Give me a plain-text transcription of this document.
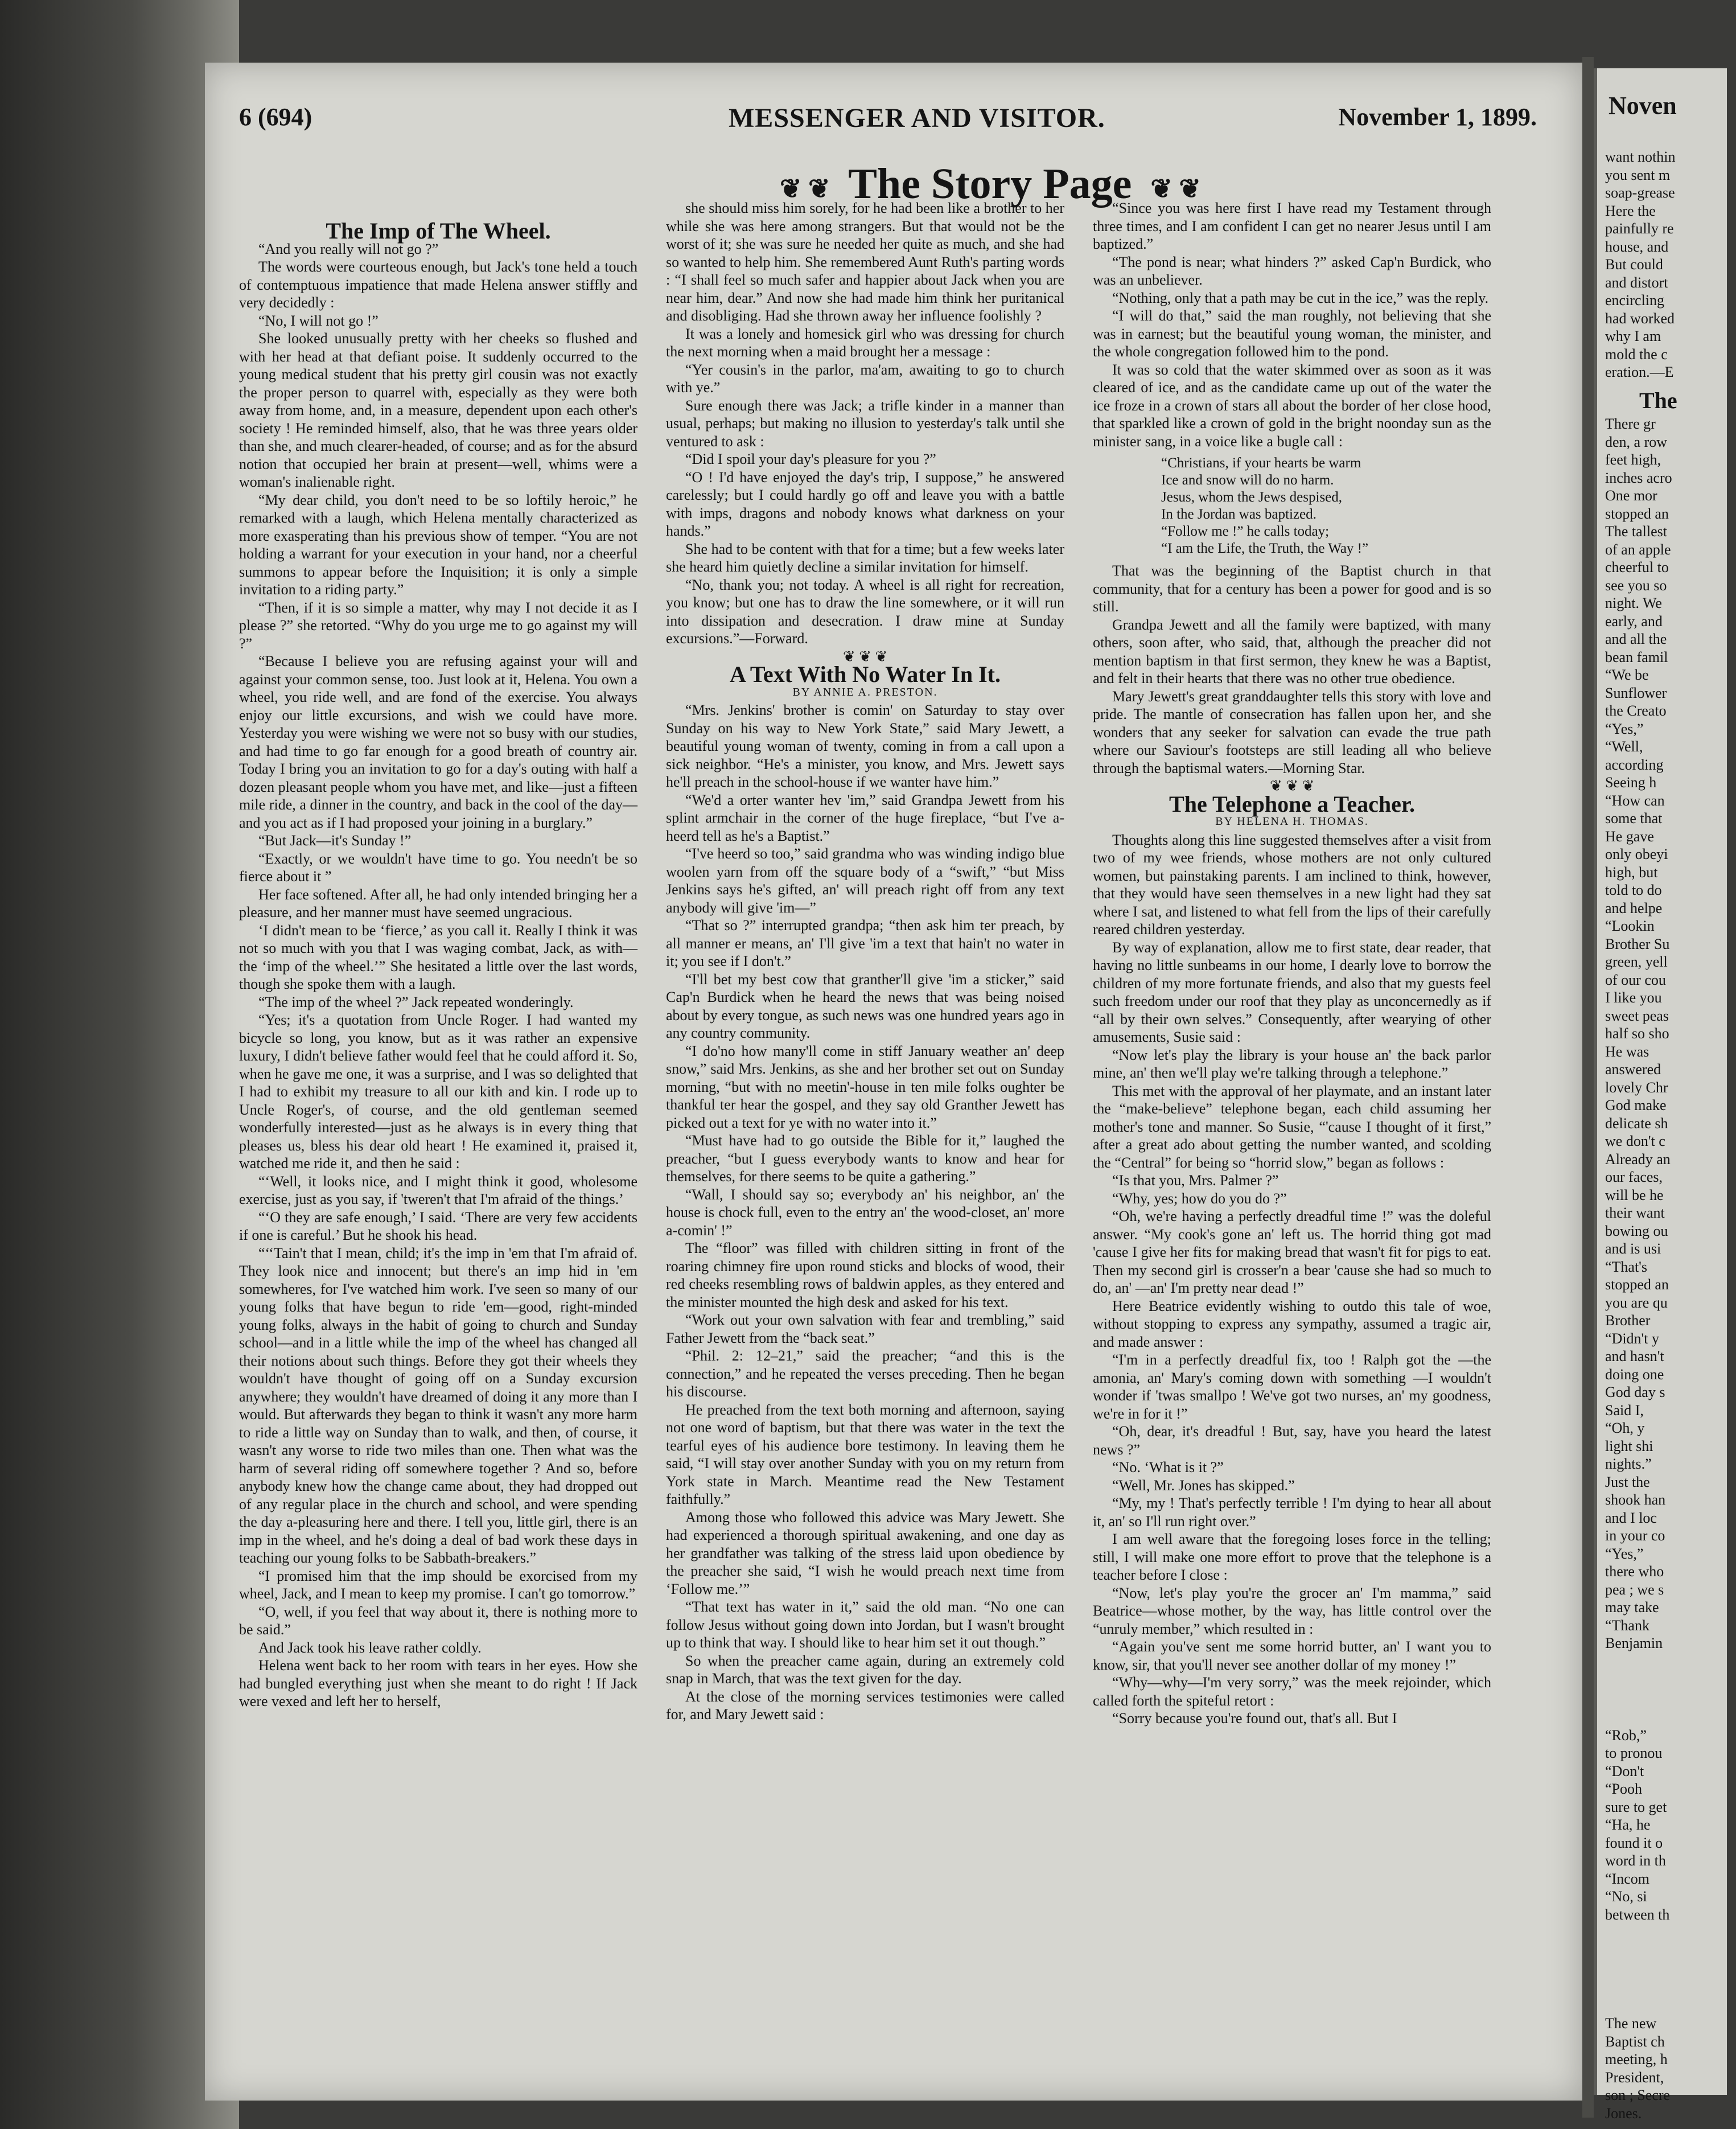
6 (694)	MESSENGER AND VISITOR.	November 1, 1899.
❦ ❦ The Story Page ❦ ❦

The Imp of The Wheel.

“And you really will not go ?”

The words were courteous enough, but Jack's tone held a touch of contemptuous impatience that made Helena answer stiffly and very decidedly :

“No, I will not go !”

She looked unusually pretty with her cheeks so flushed and with her head at that defiant poise. It suddenly occurred to the young medical student that his pretty girl cousin was not exactly the proper person to quarrel with, especially as they were both away from home, and, in a measure, dependent upon each other's society ! He reminded himself, also, that he was three years older than she, and much clearer-headed, of course; and as for the absurd notion that occupied her brain at present—well, whims were a woman's inalienable right.

“My dear child, you don't need to be so loftily heroic,” he remarked with a laugh, which Helena mentally characterized as more exasperating than his previous show of temper. “You are not holding a warrant for your execution in your hand, nor a cheerful summons to appear before the Inquisition; it is only a simple invitation to a riding party.”

“Then, if it is so simple a matter, why may I not decide it as I please ?” she retorted. “Why do you urge me to go against my will ?”

“Because I believe you are refusing against your will and against your common sense, too. Just look at it, Helena. You own a wheel, you ride well, and are fond of the exercise. You always enjoy our little excursions, and wish we could have more. Yesterday you were wishing we were not so busy with our studies, and had time to go far enough for a good breath of country air. Today I bring you an invitation to go for a day's outing with half a dozen pleasant people whom you have met, and like—just a fifteen mile ride, a dinner in the country, and back in the cool of the day—and you act as if I had proposed your joining in a burglary.”

“But Jack—it's Sunday !”

“Exactly, or we wouldn't have time to go. You needn't be so fierce about it ”

Her face softened. After all, he had only intended bringing her a pleasure, and her manner must have seemed ungracious.

‘I didn't mean to be ‘fierce,’ as you call it. Really I think it was not so much with you that I was waging combat, Jack, as with—the ‘imp of the wheel.’” She hesitated a little over the last words, though she spoke them with a laugh.

“The imp of the wheel ?” Jack repeated wonderingly.

“Yes; it's a quotation from Uncle Roger. I had wanted my bicycle so long, you know, but as it was rather an expensive luxury, I didn't believe father would feel that he could afford it. So, when he gave me one, it was a surprise, and I was so delighted that I had to exhibit my treasure to all our kith and kin. I rode up to Uncle Roger's, of course, and the old gentleman seemed wonderfully interested—just as he always is in every thing that pleases us, bless his dear old heart ! He examined it, praised it, watched me ride it, and then he said :

“‘Well, it looks nice, and I might think it good, wholesome exercise, just as you say, if 'tweren't that I'm afraid of the things.’

“‘O they are safe enough,’ I said. ‘There are very few accidents if one is careful.’ But he shook his head.

“‘‘Tain't that I mean, child; it's the imp in 'em that I'm afraid of. They look nice and innocent; but there's an imp hid in 'em somewheres, for I've watched him work. I've seen so many of our young folks that have begun to ride 'em—good, right-minded young folks, always in the habit of going to church and Sunday school—and in a little while the imp of the wheel has changed all their notions about such things. Before they got their wheels they wouldn't have thought of going off on a Sunday excursion anywhere; they wouldn't have dreamed of doing it any more than I would. But afterwards they began to think it wasn't any more harm to ride a little way on Sunday than to walk, and then, of course, it wasn't any worse to ride two miles than one. Then what was the harm of several riding off somewhere together ? And so, before anybody knew how the change came about, they had dropped out of any regular place in the church and school, and were spending the day a-pleasuring here and there. I tell you, little girl, there is an imp in the wheel, and he's doing a deal of bad work these days in teaching our young folks to be Sabbath-breakers.”

“I promised him that the imp should be exorcised from my wheel, Jack, and I mean to keep my promise. I can't go tomorrow.”

“O, well, if you feel that way about it, there is nothing more to be said.”

And Jack took his leave rather coldly.

Helena went back to her room with tears in her eyes. How she had bungled everything just when she meant to do right ! If Jack were vexed and left her to herself,

she should miss him sorely, for he had been like a brother to her while she was here among strangers. But that would not be the worst of it; she was sure he needed her quite as much, and she had so wanted to help him. She remembered Aunt Ruth's parting words : “I shall feel so much safer and happier about Jack when you are near him, dear.” And now she had made him think her puritanical and disobliging. Had she thrown away her influence foolishly ?

It was a lonely and homesick girl who was dressing for church the next morning when a maid brought her a message :

“Yer cousin's in the parlor, ma'am, awaiting to go to church with ye.”

Sure enough there was Jack; a trifle kinder in a manner than usual, perhaps; but making no illusion to yesterday's talk until she ventured to ask :

“Did I spoil your day's pleasure for you ?”

“O ! I'd have enjoyed the day's trip, I suppose,” he answered carelessly; but I could hardly go off and leave you with a battle with imps, dragons and nobody knows what darkness on your hands.”

She had to be content with that for a time; but a few weeks later she heard him quietly decline a similar invitation for himself.

“No, thank you; not today. A wheel is all right for recreation, you know; but one has to draw the line somewhere, or it will run into dissipation and desecration. I draw mine at Sunday excursions.”—Forward.

❦ ❦ ❦

A Text With No Water In It.

BY ANNIE A. PRESTON.

“Mrs. Jenkins' brother is comin' on Saturday to stay over Sunday on his way to New York State,” said Mary Jewett, a beautiful young woman of twenty, coming in from a call upon a sick neighbor. “He's a minister, you know, and Mrs. Jewett says he'll preach in the school-house if we wanter have him.”

“We'd a orter wanter hev 'im,” said Grandpa Jewett from his splint armchair in the corner of the huge fireplace, “but I've a-heerd tell as he's a Baptist.”

“I've heerd so too,” said grandma who was winding indigo blue woolen yarn from off the square body of a “swift,” “but Miss Jenkins says he's gifted, an' will preach right off from any text anybody will give 'im—”

“That so ?” interrupted grandpa; “then ask him ter preach, by all manner er means, an' I'll give 'im a text that hain't no water in it; you see if I don't.”

“I'll bet my best cow that granther'll give 'im a sticker,” said Cap'n Burdick when he heard the news that was being noised about by every tongue, as such news was one hundred years ago in any country community.

“I do'no how many'll come in stiff January weather an' deep snow,” said Mrs. Jenkins, as she and her brother set out on Sunday morning, “but with no meetin'-house in ten mile folks oughter be thankful ter hear the gospel, and they say old Granther Jewett has picked out a text for ye with no water into it.”

“Must have had to go outside the Bible for it,” laughed the preacher, “but I guess everybody wants to know and hear for themselves, for there seems to be quite a gathering.”

“Wall, I should say so; everybody an' his neighbor, an' the house is chock full, even to the entry an' the wood-closet, an' more a-comin' !”

The “floor” was filled with children sitting in front of the roaring chimney fire upon round sticks and blocks of wood, their red cheeks resembling rows of baldwin apples, as they entered and the minister mounted the high desk and asked for his text.

“Work out your own salvation with fear and trembling,” said Father Jewett from the “back seat.”

“Phil. 2: 12–21,” said the preacher; “and this is the connection,” and he repeated the verses preceding. Then he began his discourse.

He preached from the text both morning and afternoon, saying not one word of baptism, but that there was water in the text the tearful eyes of his audience bore testimony. In leaving them he said, “I will stay over another Sunday with you on my return from York state in March. Meantime read the New Testament faithfully.”

Among those who followed this advice was Mary Jewett. She had experienced a thorough spiritual awakening, and one day as her grandfather was talking of the stress laid upon obedience by the preacher she said, “I wish he would preach next time from ‘Follow me.’”

“That text has water in it,” said the old man. “No one can follow Jesus without going down into Jordan, but I wasn't brought up to think that way. I should like to hear him set it out though.”

So when the preacher came again, during an extremely cold snap in March, that was the text given for the day.

At the close of the morning services testimonies were called for, and Mary Jewett said :

“Since you was here first I have read my Testament through three times, and I am confident I can get no nearer Jesus until I am baptized.”

“The pond is near; what hinders ?” asked Cap'n Burdick, who was an unbeliever.

“Nothing, only that a path may be cut in the ice,” was the reply.

“I will do that,” said the man roughly, not believing that she was in earnest; but the beautiful young woman, the minister, and the whole congregation followed him to the pond.

It was so cold that the water skimmed over as soon as it was cleared of ice, and as the candidate came up out of the water the ice froze in a crown of stars all about the border of her close hood, that sparkled like a crown of gold in the bright noonday sun as the minister sang, in a voice like a bugle call :

“Christians, if your hearts be warm
Ice and snow will do no harm.
Jesus, whom the Jews despised,
In the Jordan was baptized.
“Follow me !” he calls today;
“I am the Life, the Truth, the Way !”

That was the beginning of the Baptist church in that community, that for a century has been a power for good and is so still.

Grandpa Jewett and all the family were baptized, with many others, soon after, who said, that, although the preacher did not mention baptism in that first sermon, they knew he was a Baptist, and felt in their hearts that there was no other true obedience.

Mary Jewett's great granddaughter tells this story with love and pride. The mantle of consecration has fallen upon her, and she wonders that any seeker for salvation can evade the true path where our Saviour's footsteps are still leading all who believe through the baptismal waters.—Morning Star.

❦ ❦ ❦

The Telephone a Teacher.

BY HELENA H. THOMAS.

Thoughts along this line suggested themselves after a visit from two of my wee friends, whose mothers are not only cultured women, but painstaking parents. I am inclined to think, however, that they would have seen themselves in a new light had they sat where I sat, and listened to what fell from the lips of their carefully reared children yesterday.

By way of explanation, allow me to first state, dear reader, that having no little sunbeams in our home, I dearly love to borrow the children of my more fortunate friends, and also that my guests feel such freedom under our roof that they play as unconcernedly as if “all by their own selves.” Consequently, after wearying of other amusements, Susie said :

“Now let's play the library is your house an' the back parlor mine, an' then we'll play we're talking through a telephone.”

This met with the approval of her playmate, and an instant later the “make-believe” telephone began, each child assuming her mother's tone and manner. So Susie, “'cause I thought of it first,” after a great ado about getting the number wanted, and scolding the “Central” for being so “horrid slow,” began as follows :

“Is that you, Mrs. Palmer ?”

“Why, yes; how do you do ?”

“Oh, we're having a perfectly dreadful time !” was the doleful answer. “My cook's gone an' left us. The horrid thing got mad 'cause I give her fits for making bread that wasn't fit for pigs to eat. Then my second girl is crosser'n a bear 'cause she had so much to do, an' —an' I'm pretty near dead !”

Here Beatrice evidently wishing to outdo this tale of woe, without stopping to express any sympathy, assumed a tragic air, and made answer :

“I'm in a perfectly dreadful fix, too ! Ralph got the —the amonia, an' Mary's coming down with something —I wouldn't wonder if 'twas smallpo ! We've got two nurses, an' my goodness, we're in for it !”

“Oh, dear, it's dreadful ! But, say, have you heard the latest news ?”

“No. ‘What is it ?”

“Well, Mr. Jones has skipped.”

“My, my ! That's perfectly terrible ! I'm dying to hear all about it, an' so I'll run right over.”

I am well aware that the foregoing loses force in the telling; still, I will make one more effort to prove that the telephone is a teacher before I close :

“Now, let's play you're the grocer an' I'm mamma,” said Beatrice—whose mother, by the way, has little control over the “unruly member,” which resulted in :

“Again you've sent me some horrid butter, an' I want you to know, sir, that you'll never see another dollar of my money !”

“Why—why—I'm very sorry,” was the meek rejoinder, which called forth the spiteful retort :

“Sorry because you're found out, that's all. But I

Noven
want nothin
you sent m
soap-grease
Here the
painfully re
house, and
But could
and distort
encircling
had worked
why I am
mold the c
eration.—E
The
There gr
den, a row
feet high,
inches acro
One mor
stopped an
The tallest
of an apple
cheerful to
see you so
night. We
early, and
and all the
bean famil
“We be
Sunflower
the Creato
“Yes,”
“Well,
according
Seeing h
“How can
some that
He gave
only obeyi
high, but
told to do
and helpe
“Lookin
Brother Su
green, yell
of our cou
I like you
sweet peas
half so sho
He was
answered
lovely Chr
God make
delicate sh
we don't c
Already an
our faces,
will be he
their want
bowing ou
and is usi
“That's
stopped an
you are qu
Brother
“Didn't y
and hasn't
doing one
God day s
Said I,
“Oh, y
light shi
nights.”
Just the
shook han
and I loc
in your co
“Yes,”
there who
pea ; we s
may take
“Thank
Benjamin
“Rob,”
to pronou
“Don't
“Pooh
sure to get
“Ha, he
found it o
word in th
“Incom
“No, si
between th
The new
Baptist ch
meeting, h
President,
son ; Secre
Jones.
